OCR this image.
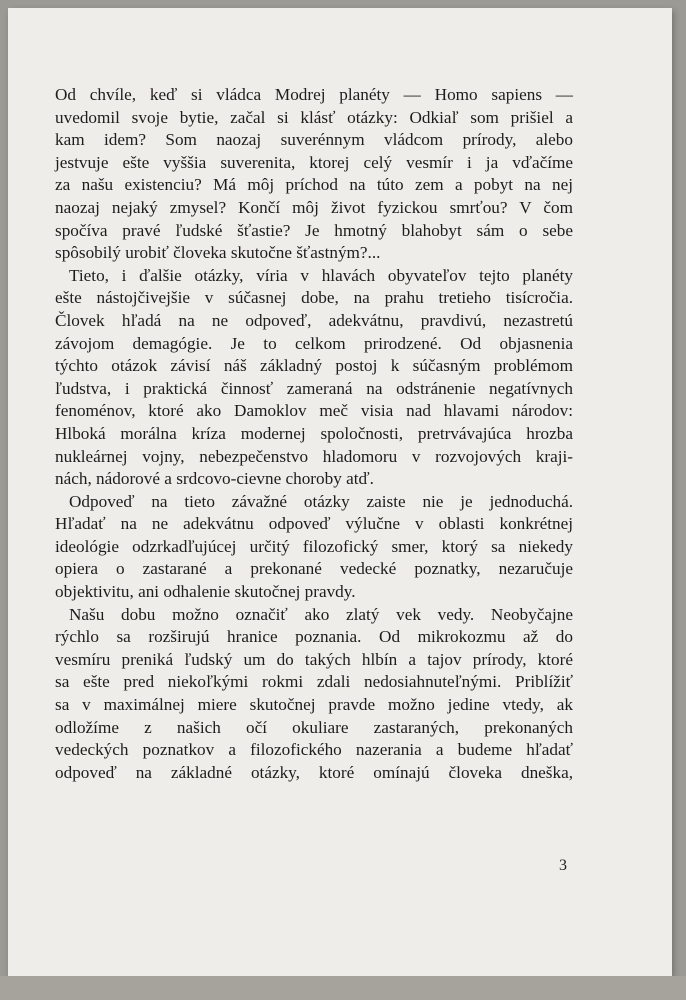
Od chvíle, keď si vládca Modrej planéty — Homo sapiens —
uvedomil svoje bytie, začal si klásť otázky: Odkiaľ som prišiel a
kam idem? Som naozaj suverénnym vládcom prírody, alebo
jestvuje ešte vyššia suverenita, ktorej celý vesmír i ja vďačíme
za našu existenciu? Má môj príchod na túto zem a pobyt na nej
naozaj nejaký zmysel? Končí môj život fyzickou smrťou? V čom
spočíva pravé ľudské šťastie? Je hmotný blahobyt sám o sebe
spôsobilý urobiť človeka skutočne šťastným?...
Tieto, i ďalšie otázky, víria v hlavách obyvateľov tejto planéty
ešte nástojčivejšie v súčasnej dobe, na prahu tretieho tisícročia.
Človek hľadá na ne odpoveď, adekvátnu, pravdivú, nezastretú
závojom demagógie. Je to celkom prirodzené. Od objasnenia
týchto otázok závisí náš základný postoj k súčasným problémom
ľudstva, i praktická činnosť zameraná na odstránenie negatívnych
fenoménov, ktoré ako Damoklov meč visia nad hlavami národov:
Hlboká morálna kríza modernej spoločnosti, pretrvávajúca hrozba
nukleárnej vojny, nebezpečenstvo hladomoru v rozvojových kraji-
nách, nádorové a srdcovo-cievne choroby atď.
Odpoveď na tieto závažné otázky zaiste nie je jednoduchá.
Hľadať na ne adekvátnu odpoveď výlučne v oblasti konkrétnej
ideológie odzrkadľujúcej určitý filozofický smer, ktorý sa niekedy
opiera o zastarané a prekonané vedecké poznatky, nezaručuje
objektivitu, ani odhalenie skutočnej pravdy.
Našu dobu možno označiť ako zlatý vek vedy. Neobyčajne
rýchlo sa rozširujú hranice poznania. Od mikrokozmu až do
vesmíru preniká ľudský um do takých hlbín a tajov prírody, ktoré
sa ešte pred niekoľkými rokmi zdali nedosiahnuteľnými. Priblížiť
sa v maximálnej miere skutočnej pravde možno jedine vtedy, ak
odložíme z našich očí okuliare zastaraných, prekonaných
vedeckých poznatkov a filozofického nazerania a budeme hľadať
odpoveď na základné otázky, ktoré omínajú človeka dneška,
3
